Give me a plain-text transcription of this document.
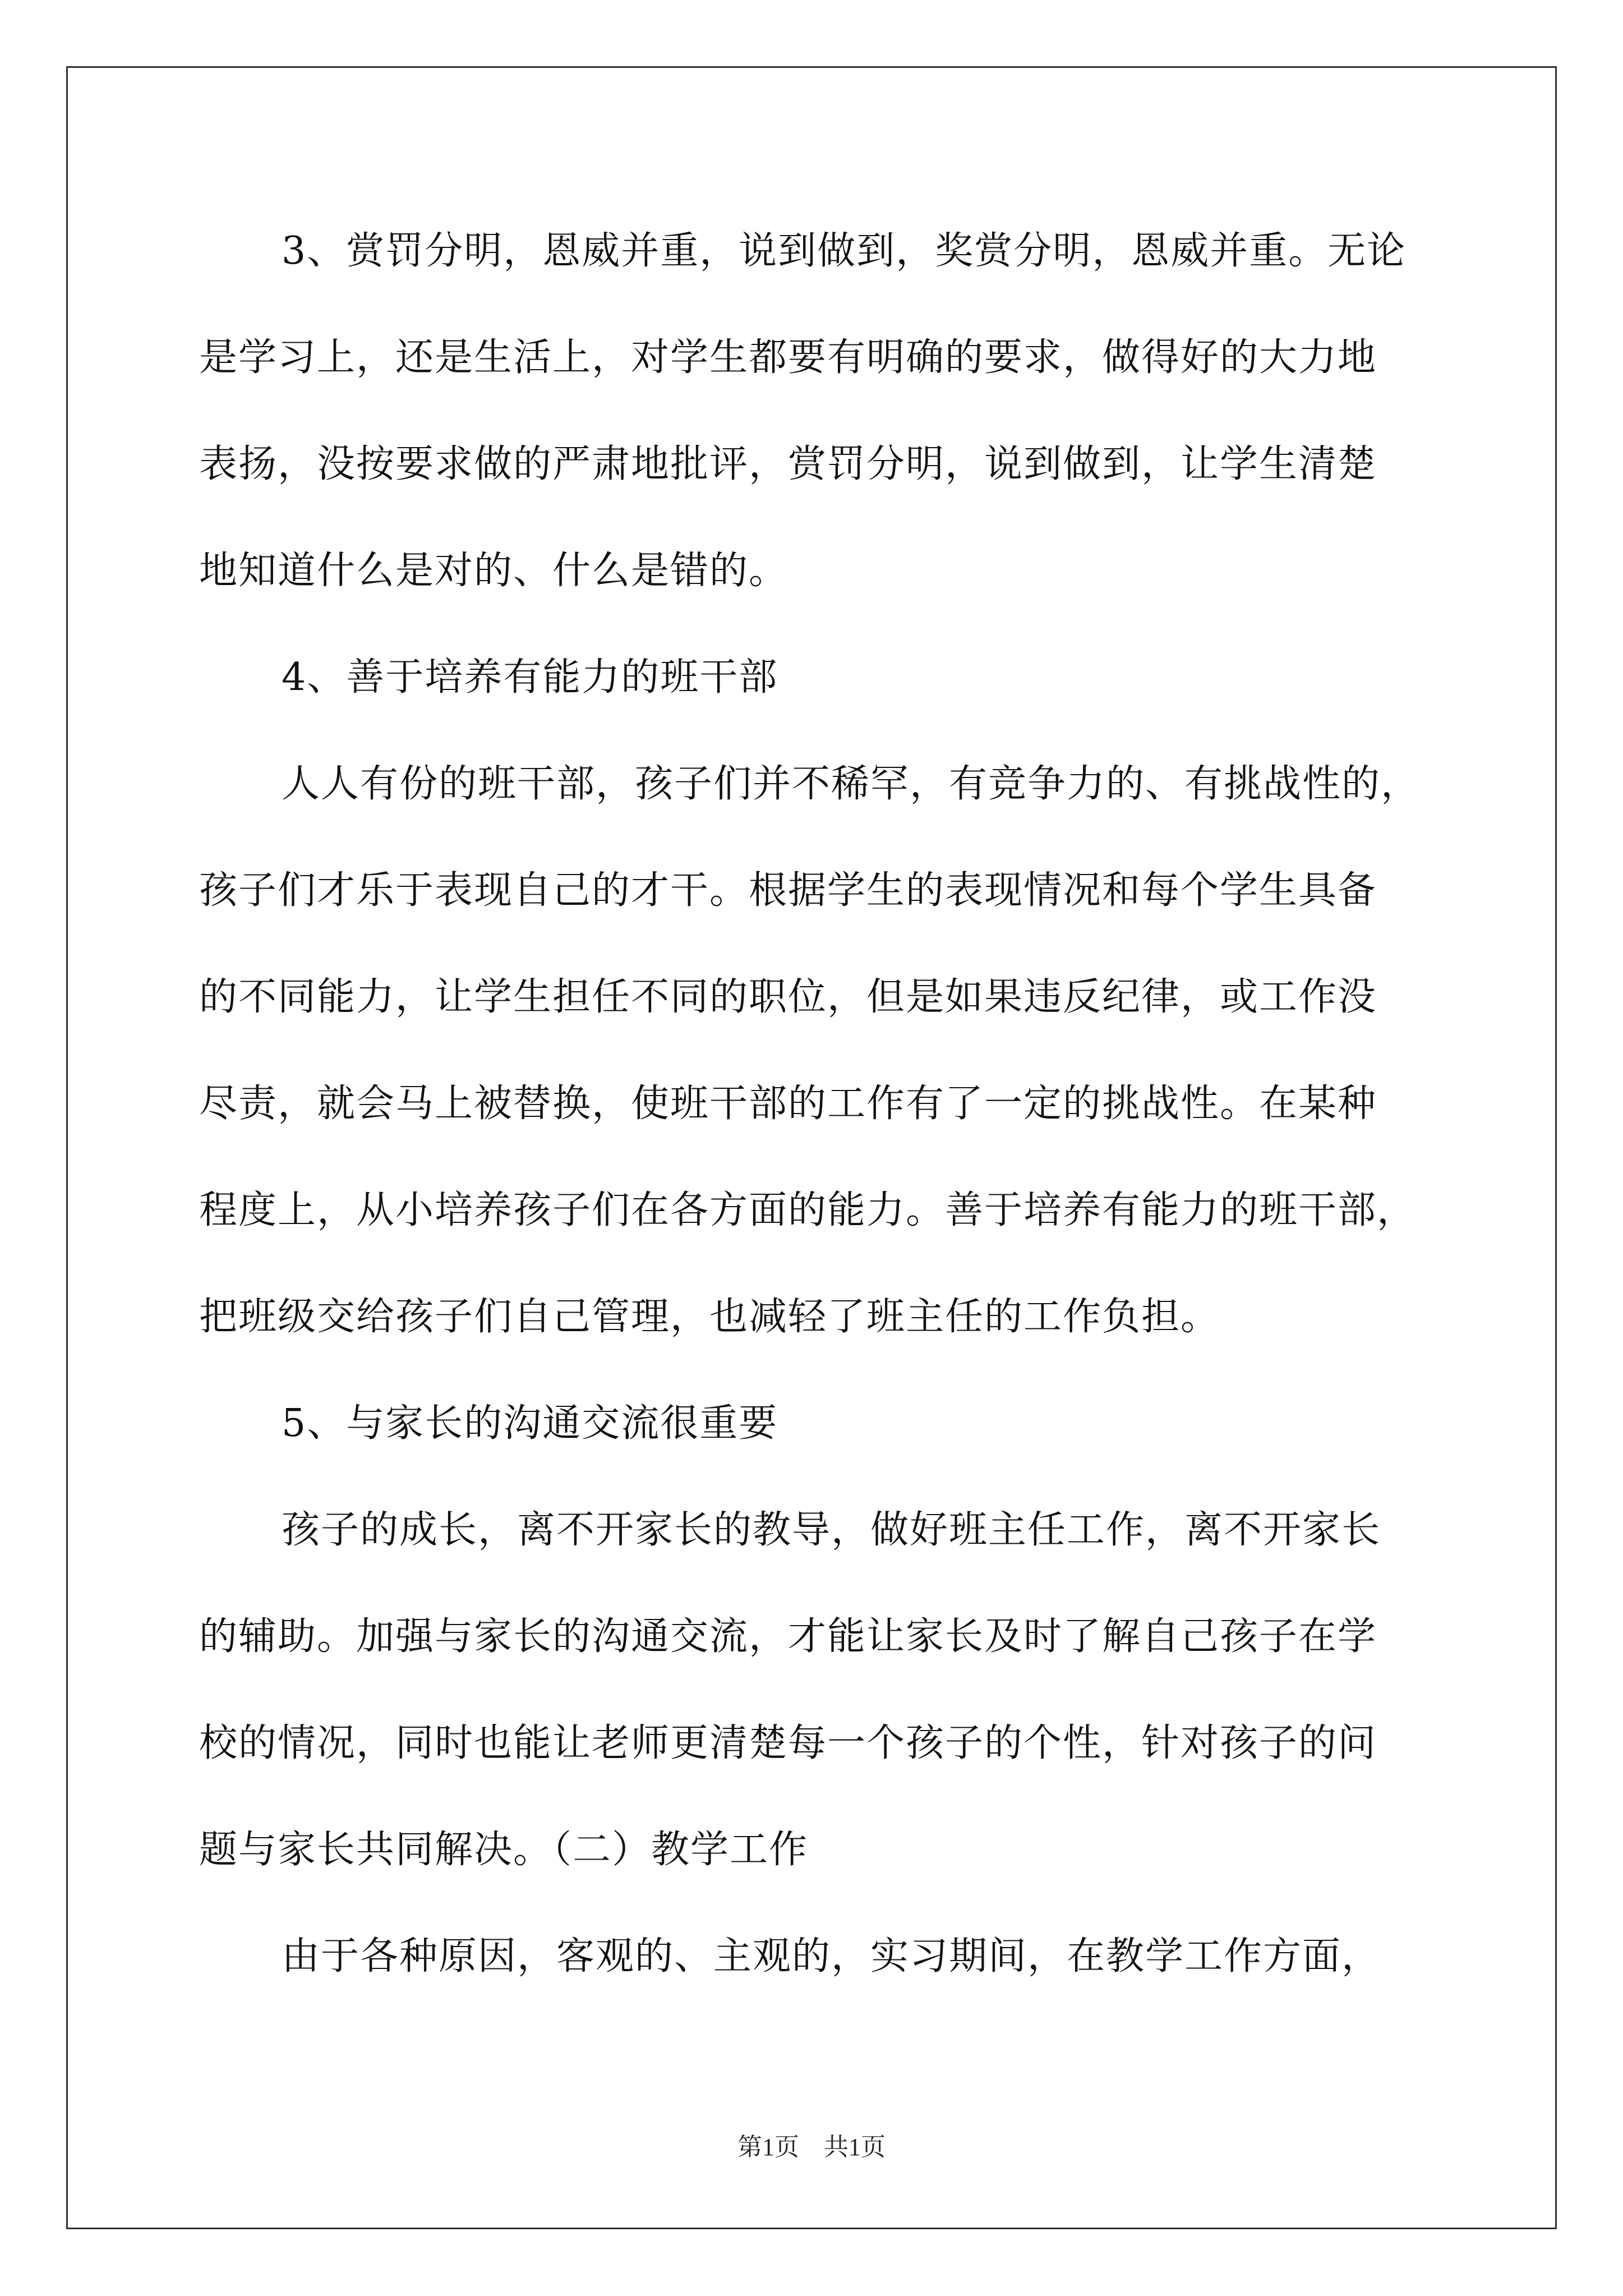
3、赏罚分明，恩威并重，说到做到，奖赏分明，恩威并重。无论
是学习上，还是生活上，对学生都要有明确的要求，做得好的大力地
表扬，没按要求做的严肃地批评，赏罚分明，说到做到，让学生清楚
地知道什么是对的、什么是错的。
4、善于培养有能力的班干部
人人有份的班干部，孩子们并不稀罕，有竞争力的、有挑战性的，
孩子们才乐于表现自己的才干。根据学生的表现情况和每个学生具备
的不同能力，让学生担任不同的职位，但是如果违反纪律，或工作没
尽责，就会马上被替换，使班干部的工作有了一定的挑战性。在某种
程度上，从小培养孩子们在各方面的能力。善于培养有能力的班干部，
把班级交给孩子们自己管理，也减轻了班主任的工作负担。
5、与家长的沟通交流很重要
孩子的成长，离不开家长的教导，做好班主任工作，离不开家长
的辅助。加强与家长的沟通交流，才能让家长及时了解自己孩子在学
校的情况，同时也能让老师更清楚每一个孩子的个性，针对孩子的问
题与家长共同解决。（二）教学工作
由于各种原因，客观的、主观的，实习期间，在教学工作方面，
第1页　共1页
